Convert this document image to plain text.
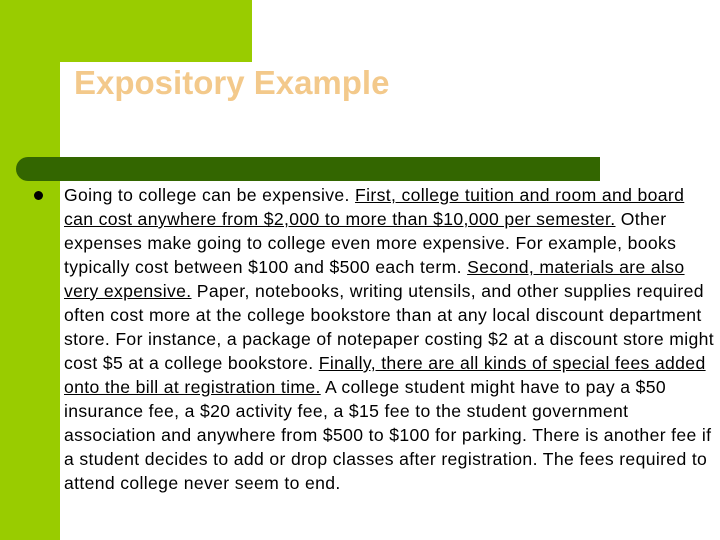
Expository Example

Going to college can be expensive. First, college tuition and room and board can cost anywhere from $2,000 to more than $10,000 per semester. Other expenses make going to college even more expensive. For example, books typically cost between $100 and $500 each term. Second, materials are also very expensive. Paper, notebooks, writing utensils, and other supplies required often cost more at the college bookstore than at any local discount department store. For instance, a package of notepaper costing $2 at a discount store might cost $5 at a college bookstore. Finally, there are all kinds of special fees added onto the bill at registration time. A college student might have to pay a $50 insurance fee, a $20 activity fee, a $15 fee to the student government association and anywhere from $500 to $100 for parking. There is another fee if a student decides to add or drop classes after registration. The fees required to attend college never seem to end.
